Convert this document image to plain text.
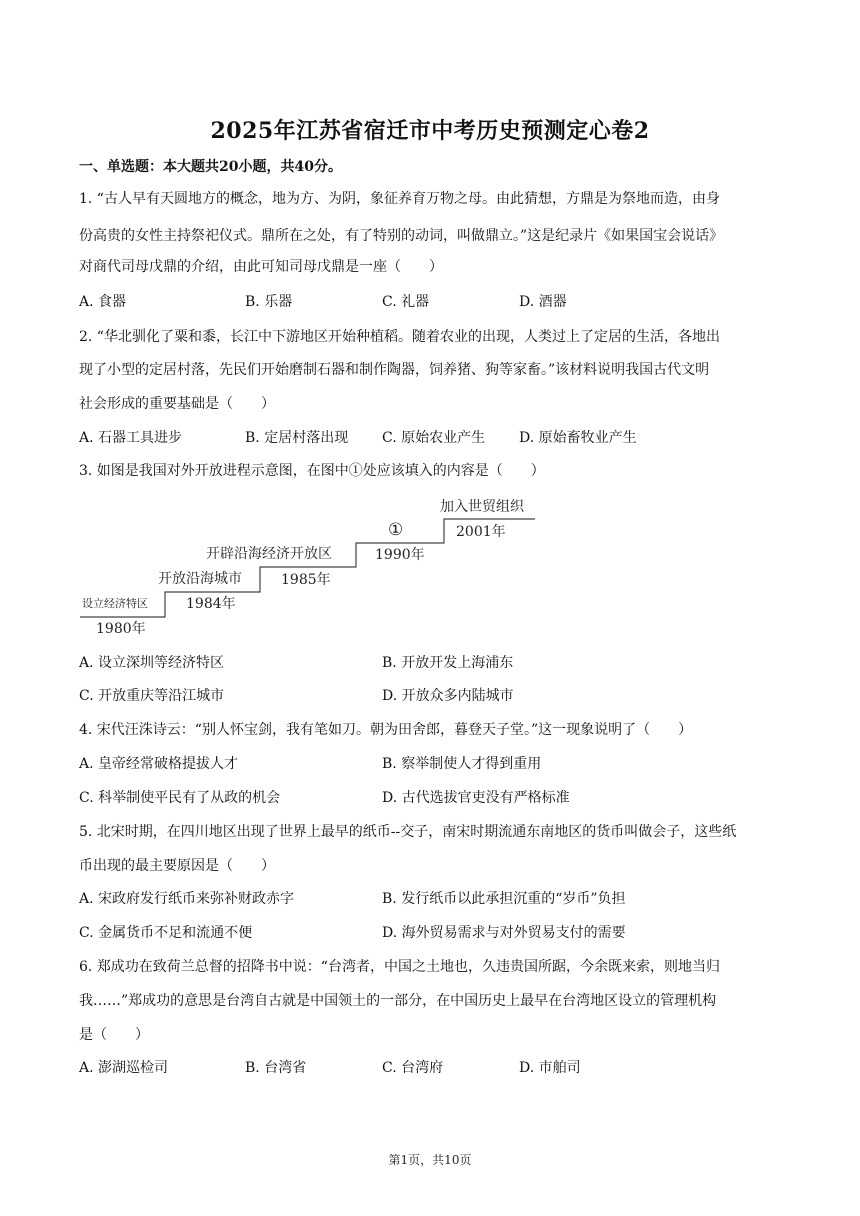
2025年江苏省宿迁市中考历史预测定心卷2
一、单选题：本大题共20小题，共40分。
1. “古人早有天圆地方的概念，地为方、为阴，象征养育万物之母。由此猜想，方鼎是为祭地而造，由身
份高贵的女性主持祭祀仪式。鼎所在之处，有了特别的动词，叫做鼎立。”这是纪录片《如果国宝会说话》
对商代司母戊鼎的介绍，由此可知司母戊鼎是一座（　　）
A. 食器	B. 乐器	C. 礼器	D. 酒器
2. “华北驯化了粟和黍，长江中下游地区开始种植稻。随着农业的出现，人类过上了定居的生活，各地出
现了小型的定居村落，先民们开始磨制石器和制作陶器，饲养猪、狗等家畜。”该材料说明我国古代文明
社会形成的重要基础是（　　）
A. 石器工具进步	B. 定居村落出现 C. 原始农业产生 D. 原始畜牧业产生
3. 如图是我国对外开放进程示意图，在图中①处应该填入的内容是（　　）
设立经济特区
1980年
开放沿海城市
1984年
开辟沿海经济开放区
1985年
①
1990年
加入世贸组织
2001年
A. 设立深圳等经济特区	B. 开放开发上海浦东
C. 开放重庆等沿江城市	D. 开放众多内陆城市
4. 宋代汪洙诗云：“别人怀宝剑，我有笔如刀。朝为田舍郎，暮登天子堂。”这一现象说明了（　　）
A. 皇帝经常破格提拔人才	B. 察举制使人才得到重用
C. 科举制使平民有了从政的机会	D. 古代选拔官吏没有严格标准
5. 北宋时期，在四川地区出现了世界上最早的纸币--交子，南宋时期流通东南地区的货币叫做会子，这些纸
币出现的最主要原因是（　　）
A. 宋政府发行纸币来弥补财政赤字	B. 发行纸币以此承担沉重的“岁币”负担
C. 金属货币不足和流通不便	D. 海外贸易需求与对外贸易支付的需要
6. 郑成功在致荷兰总督的招降书中说：“台湾者，中国之土地也，久违贵国所踞，今余既来索，则地当归
我……”郑成功的意思是台湾自古就是中国领土的一部分，在中国历史上最早在台湾地区设立的管理机构
是（　　）
A. 澎湖巡检司	B. 台湾省	C. 台湾府	D. 市舶司
第1页，共10页
